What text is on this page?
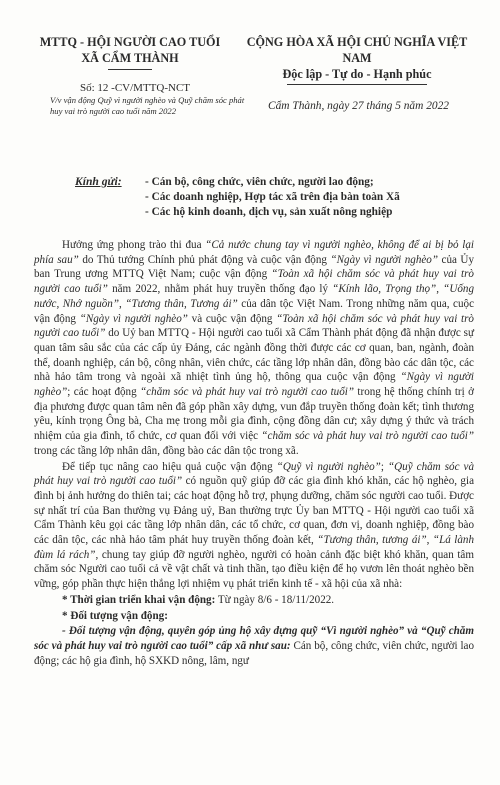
MTTQ - HỘI NGƯỜI CAO TUỔI
XÃ CẨM THÀNH
CỘNG HÒA XÃ HỘI CHỦ NGHĨA VIỆT NAM
Độc lập - Tự do - Hạnh phúc
Số: 12 -CV/MTTQ-NCT
V/v vận động Quỹ vì người nghèo và Quỹ chăm sóc phát huy vai trò người cao tuổi năm 2022	Cẩm Thành, ngày 27 tháng 5 năm 2022
Kính gửi: - Cán bộ, công chức, viên chức, người lao động;
- Các doanh nghiệp, Hợp tác xã trên địa bàn toàn Xã
- Các hộ kinh doanh, dịch vụ, sản xuất nông nghiệp

Hưởng ứng phong trào thi đua “Cả nước chung tay vì người nghèo, không để ai bị bỏ lại phía sau” do Thủ tướng Chính phủ phát động và cuộc vận động “Ngày vì người nghèo” của Ủy ban Trung ương MTTQ Việt Nam; cuộc vận động “Toàn xã hội chăm sóc và phát huy vai trò người cao tuổi” năm 2022, nhằm phát huy truyền thống đạo lý “Kính lão, Trọng thọ”, “Uống nước, Nhớ nguồn”, “Tương thân, Tương ái” của dân tộc Việt Nam. Trong những năm qua, cuộc vận động “Ngày vì người nghèo” và cuộc vận động “Toàn xã hội chăm sóc và phát huy vai trò người cao tuổi” do Uỷ ban MTTQ - Hội người cao tuổi xã Cẩm Thành phát động đã nhận được sự quan tâm sâu sắc của các cấp ủy Đảng, các ngành đồng thời được các cơ quan, ban, ngành, đoàn thể, doanh nghiệp, cán bộ, công nhân, viên chức, các tầng lớp nhân dân, đồng bào các dân tộc, các nhà hảo tâm trong và ngoài xã nhiệt tình ủng hộ, thông qua cuộc vận động “Ngày vì người nghèo”; các hoạt động “chăm sóc và phát huy vai trò người cao tuổi” trong hệ thống chính trị ở địa phương được quan tâm nên đã góp phần xây dựng, vun đắp truyền thống đoàn kết; tình thương yêu, kính trọng Ông bà, Cha mẹ trong mỗi gia đình, cộng đồng dân cư; xây dựng ý thức và trách nhiệm của gia đình, tổ chức, cơ quan đối với việc “chăm sóc và phát huy vai trò người cao tuổi” trong các tầng lớp nhân dân, đồng bào các dân tộc trong xã.

Để tiếp tục nâng cao hiệu quả cuộc vận động “Quỹ vì người nghèo”; “Quỹ chăm sóc và phát huy vai trò người cao tuổi” có nguồn quỹ giúp đỡ các gia đình khó khăn, các hộ nghèo, gia đình bị ảnh hưởng do thiên tai; các hoạt động hỗ trợ, phụng dưỡng, chăm sóc người cao tuổi. Được sự nhất trí của Ban thường vụ Đảng uỷ, Ban thường trực Ủy ban MTTQ - Hội người cao tuổi xã Cẩm Thành kêu gọi các tầng lớp nhân dân, các tổ chức, cơ quan, đơn vị, doanh nghiệp, đồng bào các dân tộc, các nhà hảo tâm phát huy truyền thống đoàn kết, “Tương thân, tương ái”, “Lá lành đùm lá rách”, chung tay giúp đỡ người nghèo, người có hoàn cảnh đặc biệt khó khăn, quan tâm chăm sóc Người cao tuổi cả về vật chất và tinh thần, tạo điều kiện để họ vươn lên thoát nghèo bền vững, góp phần thực hiện thắng lợi nhiệm vụ phát triển kinh tế - xã hội của xã nhà:

* Thời gian triển khai vận động: Từ ngày 8/6 - 18/11/2022.

* Đối tượng vận động:

- Đối tượng vận động, quyên góp ủng hộ xây dựng quỹ “Vì người nghèo” và “Quỹ chăm sóc và phát huy vai trò người cao tuổi” cấp xã như sau: Cán bộ, công chức, viên chức, người lao động; các hộ gia đình, hộ SXKD nông, lâm, ngư
